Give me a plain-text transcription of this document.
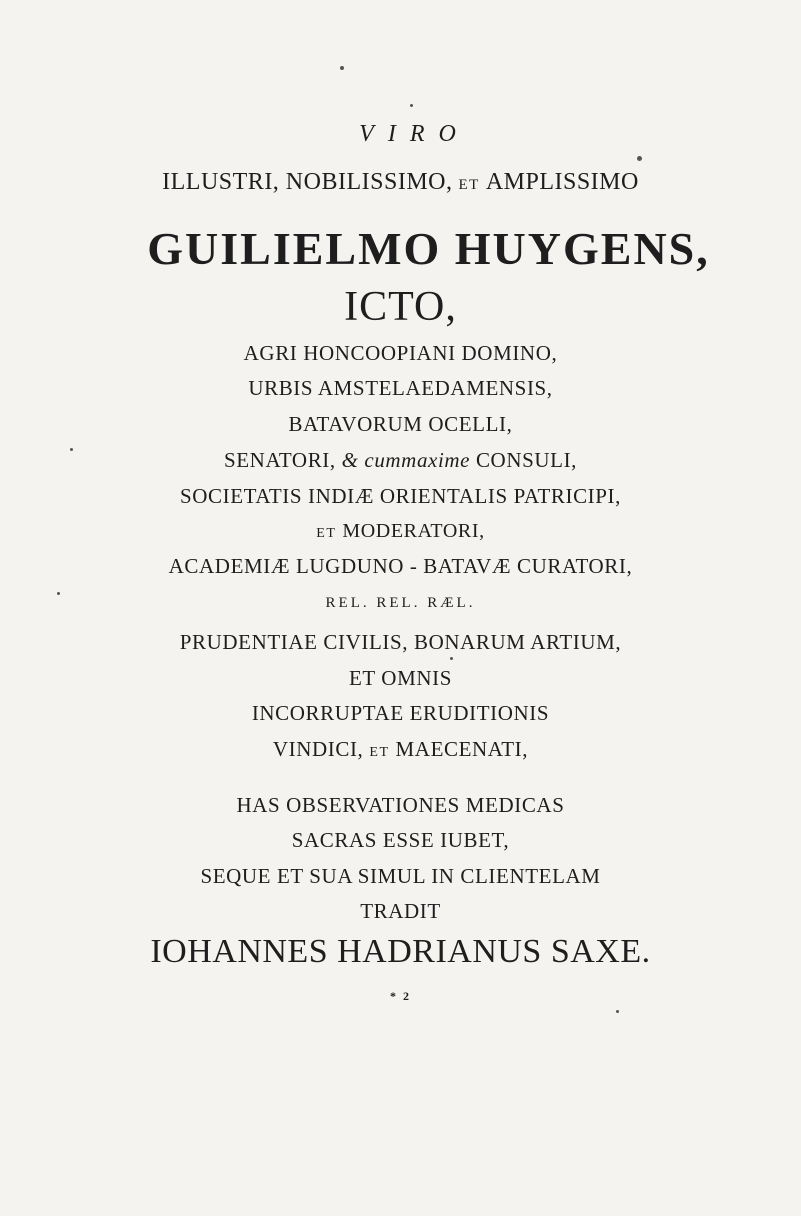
VIRO

ILLUSTRI, NOBILISSIMO, ET AMPLISSIMO

GUILIELMO HUYGENS,

ICTO,

AGRI HONCOOPIANI DOMINO,

URBIS AMSTELAEDAMENSIS,

BATAVORUM OCELLI,

SENATORI, & cummaxime CONSULI,

SOCIETATIS INDIÆ ORIENTALIS PATRICIPI,

ET MODERATORI,

ACADEMIÆ LUGDUNO - BATAVÆ CURATORI,

REL. REL. RÆL.

PRUDENTIAE CIVILIS, BONARUM ARTIUM,

ET OMNIS

INCORRUPTAE ERUDITIONIS

VINDICI, ET MAECENATI,

HAS OBSERVATIONES MEDICAS

SACRAS ESSE IUBET,

SEQUE ET SUA SIMUL IN CLIENTELAM

TRADIT

IOHANNES HADRIANUS SAXE.

* 2
